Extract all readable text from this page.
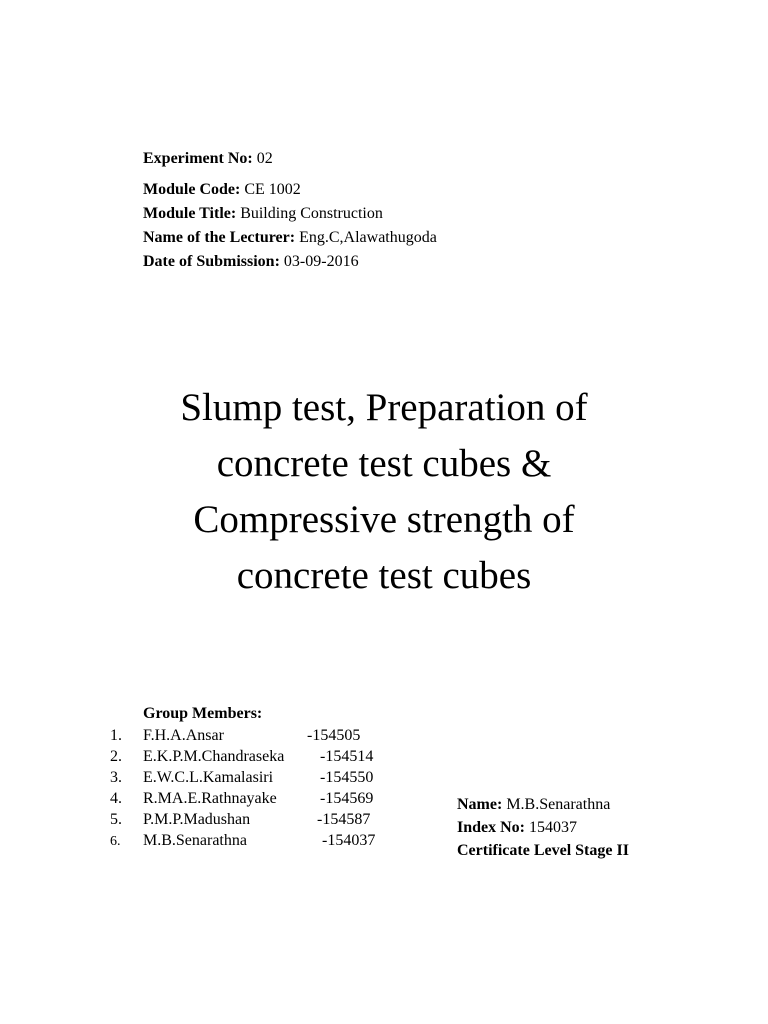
Experiment No: 02
Module Code: CE 1002
Module Title: Building Construction
Name of the Lecturer: Eng.C,Alawathugoda
Date of Submission: 03-09-2016
Slump test, Preparation of
concrete test cubes &
Compressive strength of
concrete test cubes
Group Members:
1. F.H.A.Ansar	-154505
2. E.K.P.M.Chandraseka -154514
3. E.W.C.L.Kamalasiri	-154550
4. R.MA.E.Rathnayake	-154569
5. P.M.P.Madushan	-154587
6. M.B.Senarathna	-154037
Name: M.B.Senarathna
Index No: 154037
Certificate Level Stage II
